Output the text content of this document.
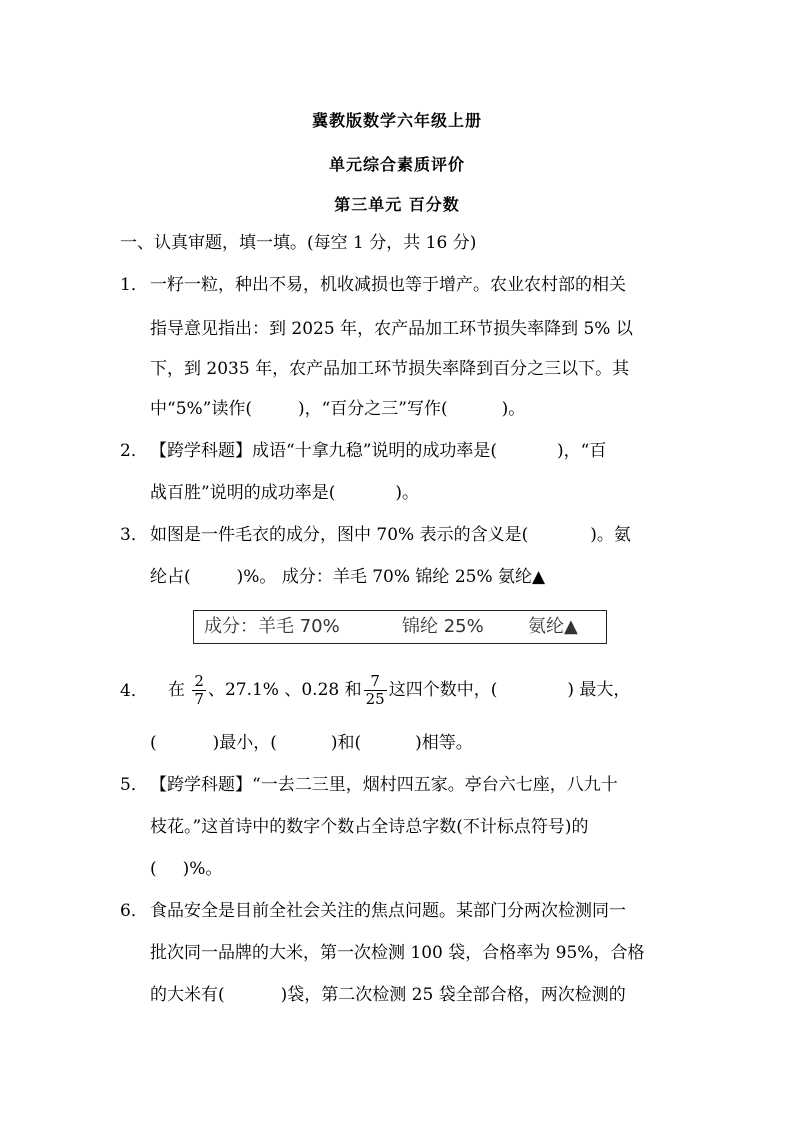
冀教版数学六年级上册
单元综合素质评价
第三单元 百分数
一、认真审题，填一填。(每空 1 分，共 16 分)
1． 一籽一粒，种出不易，机收减损也等于增产。农业农村部的相关
指导意见指出：到 2025 年，农产品加工环节损失率降到 5% 以
下，到 2035 年，农产品加工环节损失率降到百分之三以下。其
中“5%”读作(	)，“百分之三”写作(	)。
2． 【跨学科题】成语“十拿九稳”说明的成功率是(	)，“百
战百胜”说明的成功率是(	)。
3． 如图是一件毛衣的成分，图中 70% 表示的含义是(	)。氨
纶占(	)%。 成分：羊毛 70% 锦纶 25% 氨纶▲
成分：羊毛 70%	锦纶 25% 氨纶▲
4． 在 $\frac{2}{7}$ 、27.1% 、0.28 和 $\frac{7}{25}$ 这四个数中，(	) 最大，
(	)最小，(	)和(	)相等。
5． 【跨学科题】“一去二三里，烟村四五家。亭台六七座，八九十
枝花。”这首诗中的数字个数占全诗总字数(不计标点符号)的
( )%。
6． 食品安全是目前全社会关注的焦点问题。某部门分两次检测同一
批次同一品牌的大米，第一次检测 100 袋，合格率为 95%，合格
的大米有(	)袋，第二次检测 25 袋全部合格，两次检测的
